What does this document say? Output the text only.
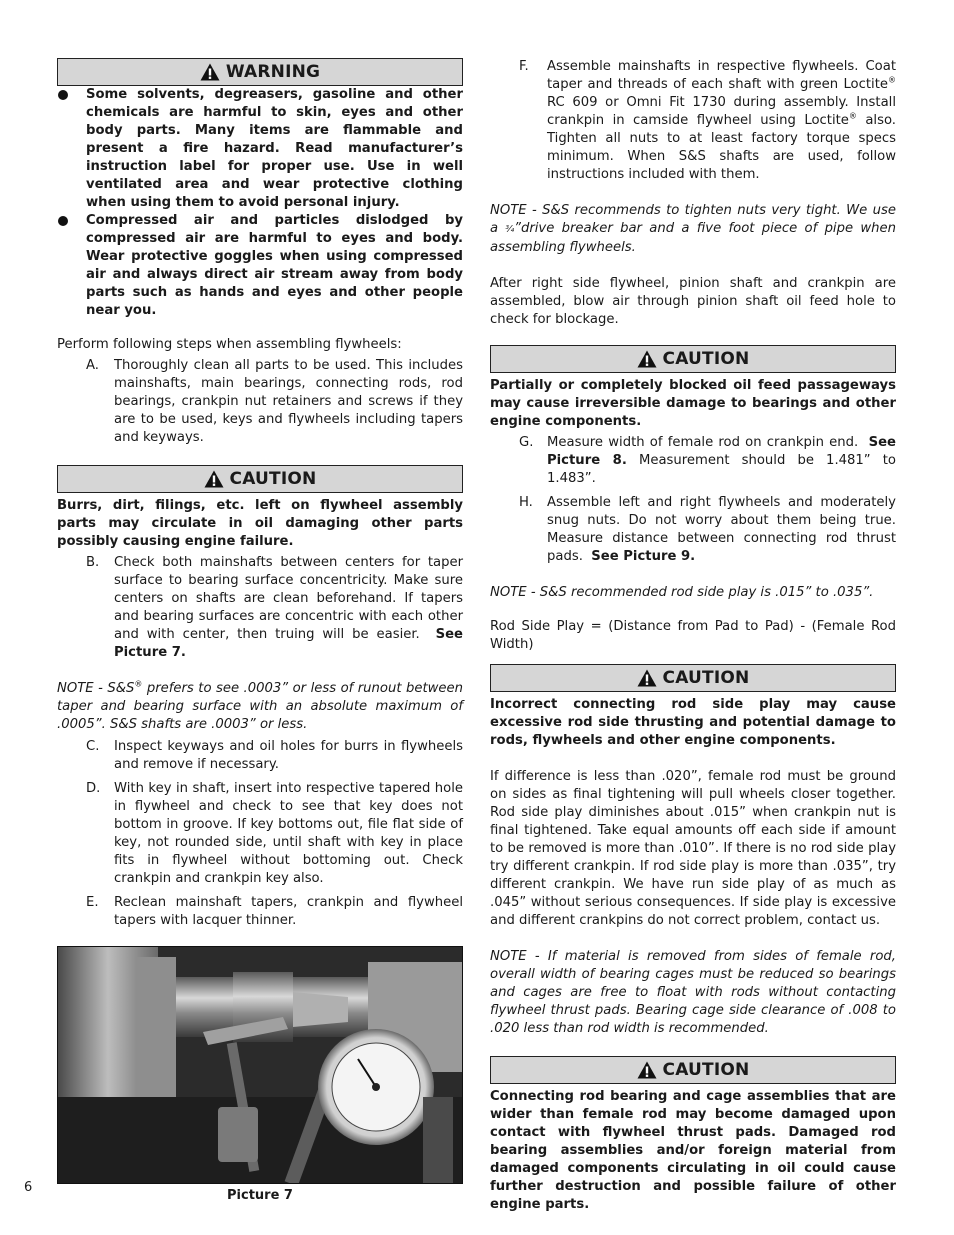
WARNING

Some solvents, degreasers, gasoline and other chemicals are harmful to skin, eyes and other body parts. Many items are flammable and present a fire hazard. Read manufacturer’s instruction label for proper use. Use in well ventilated area and wear protective clothing when using them to avoid personal injury.

Compressed air and particles dislodged by compressed air are harmful to eyes and body. Wear protective goggles when using compressed air and always direct air stream away from body parts such as hands and eyes and other people near you.

Perform following steps when assembling flywheels:

A.	Thoroughly clean all parts to be used. This includes mainshafts, main bearings, connecting rods, rod bearings, crankpin nut retainers and screws if they are to be used, keys and flywheels including tapers and keyways.

CAUTION

Burrs, dirt, filings, etc. left on flywheel assembly parts may circulate in oil damaging other parts possibly causing engine failure.

B.	Check both mainshafts between centers for taper surface to bearing surface concentricity. Make sure centers on shafts are clean beforehand. If tapers and bearing surfaces are concentric with each other and with center, then truing will be easier. See Picture 7.

NOTE - S&S® prefers to see .0003” or less of runout between taper and bearing surface with an absolute maximum of .0005”. S&S shafts are .0003” or less.

C.	Inspect keyways and oil holes for burrs in flywheels and remove if necessary.

D.	With key in shaft, insert into respective tapered hole in flywheel and check to see that key does not bottom in groove. If key bottoms out, file flat side of key, not rounded side, until shaft with key in place fits in flywheel without bottoming out. Check crankpin and crankpin key also.

E.	Reclean mainshaft tapers, crankpin and flywheel tapers with lacquer thinner.

Picture 7
F.	Assemble mainshafts in respective flywheels. Coat taper and threads of each shaft with green Loctite® RC 609 or Omni Fit 1730 during assembly. Install crankpin in camside flywheel using Loctite® also. Tighten all nuts to at least factory torque specs minimum. When S&S shafts are used, follow instructions included with them.

NOTE - S&S recommends to tighten nuts very tight. We use a ¾”drive breaker bar and a five foot piece of pipe when assembling flywheels.

After right side flywheel, pinion shaft and crankpin are assembled, blow air through pinion shaft oil feed hole to check for blockage.

CAUTION

Partially or completely blocked oil feed passageways may cause irreversible damage to bearings and other engine components.

G.	Measure width of female rod on crankpin end. See Picture 8. Measurement should be 1.481” to 1.483”.

H.	Assemble left and right flywheels and moderately snug nuts. Do not worry about them being true. Measure distance between connecting rod thrust pads. See Picture 9.

NOTE - S&S recommended rod side play is .015” to .035”.

Rod Side Play = (Distance from Pad to Pad) - (Female Rod Width)

CAUTION

Incorrect connecting rod side play may cause excessive rod side thrusting and potential damage to rods, flywheels and other engine components.

If difference is less than .020”, female rod must be ground on sides as final tightening will pull wheels closer together. Rod side play diminishes about .015” when crankpin nut is final tightened. Take equal amounts off each side if amount to be removed is more than .010”. If there is no rod side play try different crankpin. If rod side play is more than .035”, try different crankpin. We have run side play of as much as .045” without serious consequences. If side play is excessive and different crankpins do not correct problem, contact us.

NOTE - If material is removed from sides of female rod, overall width of bearing cages must be reduced so bearings and cages are free to float with rods without contacting flywheel thrust pads. Bearing cage side clearance of .008 to .020 less than rod width is recommended.

CAUTION

Connecting rod bearing and cage assemblies that are wider than female rod may become damaged upon contact with flywheel thrust pads. Damaged rod bearing assemblies and/or foreign material from damaged components circulating in oil could cause further destruction and possible failure of other engine parts.

6
